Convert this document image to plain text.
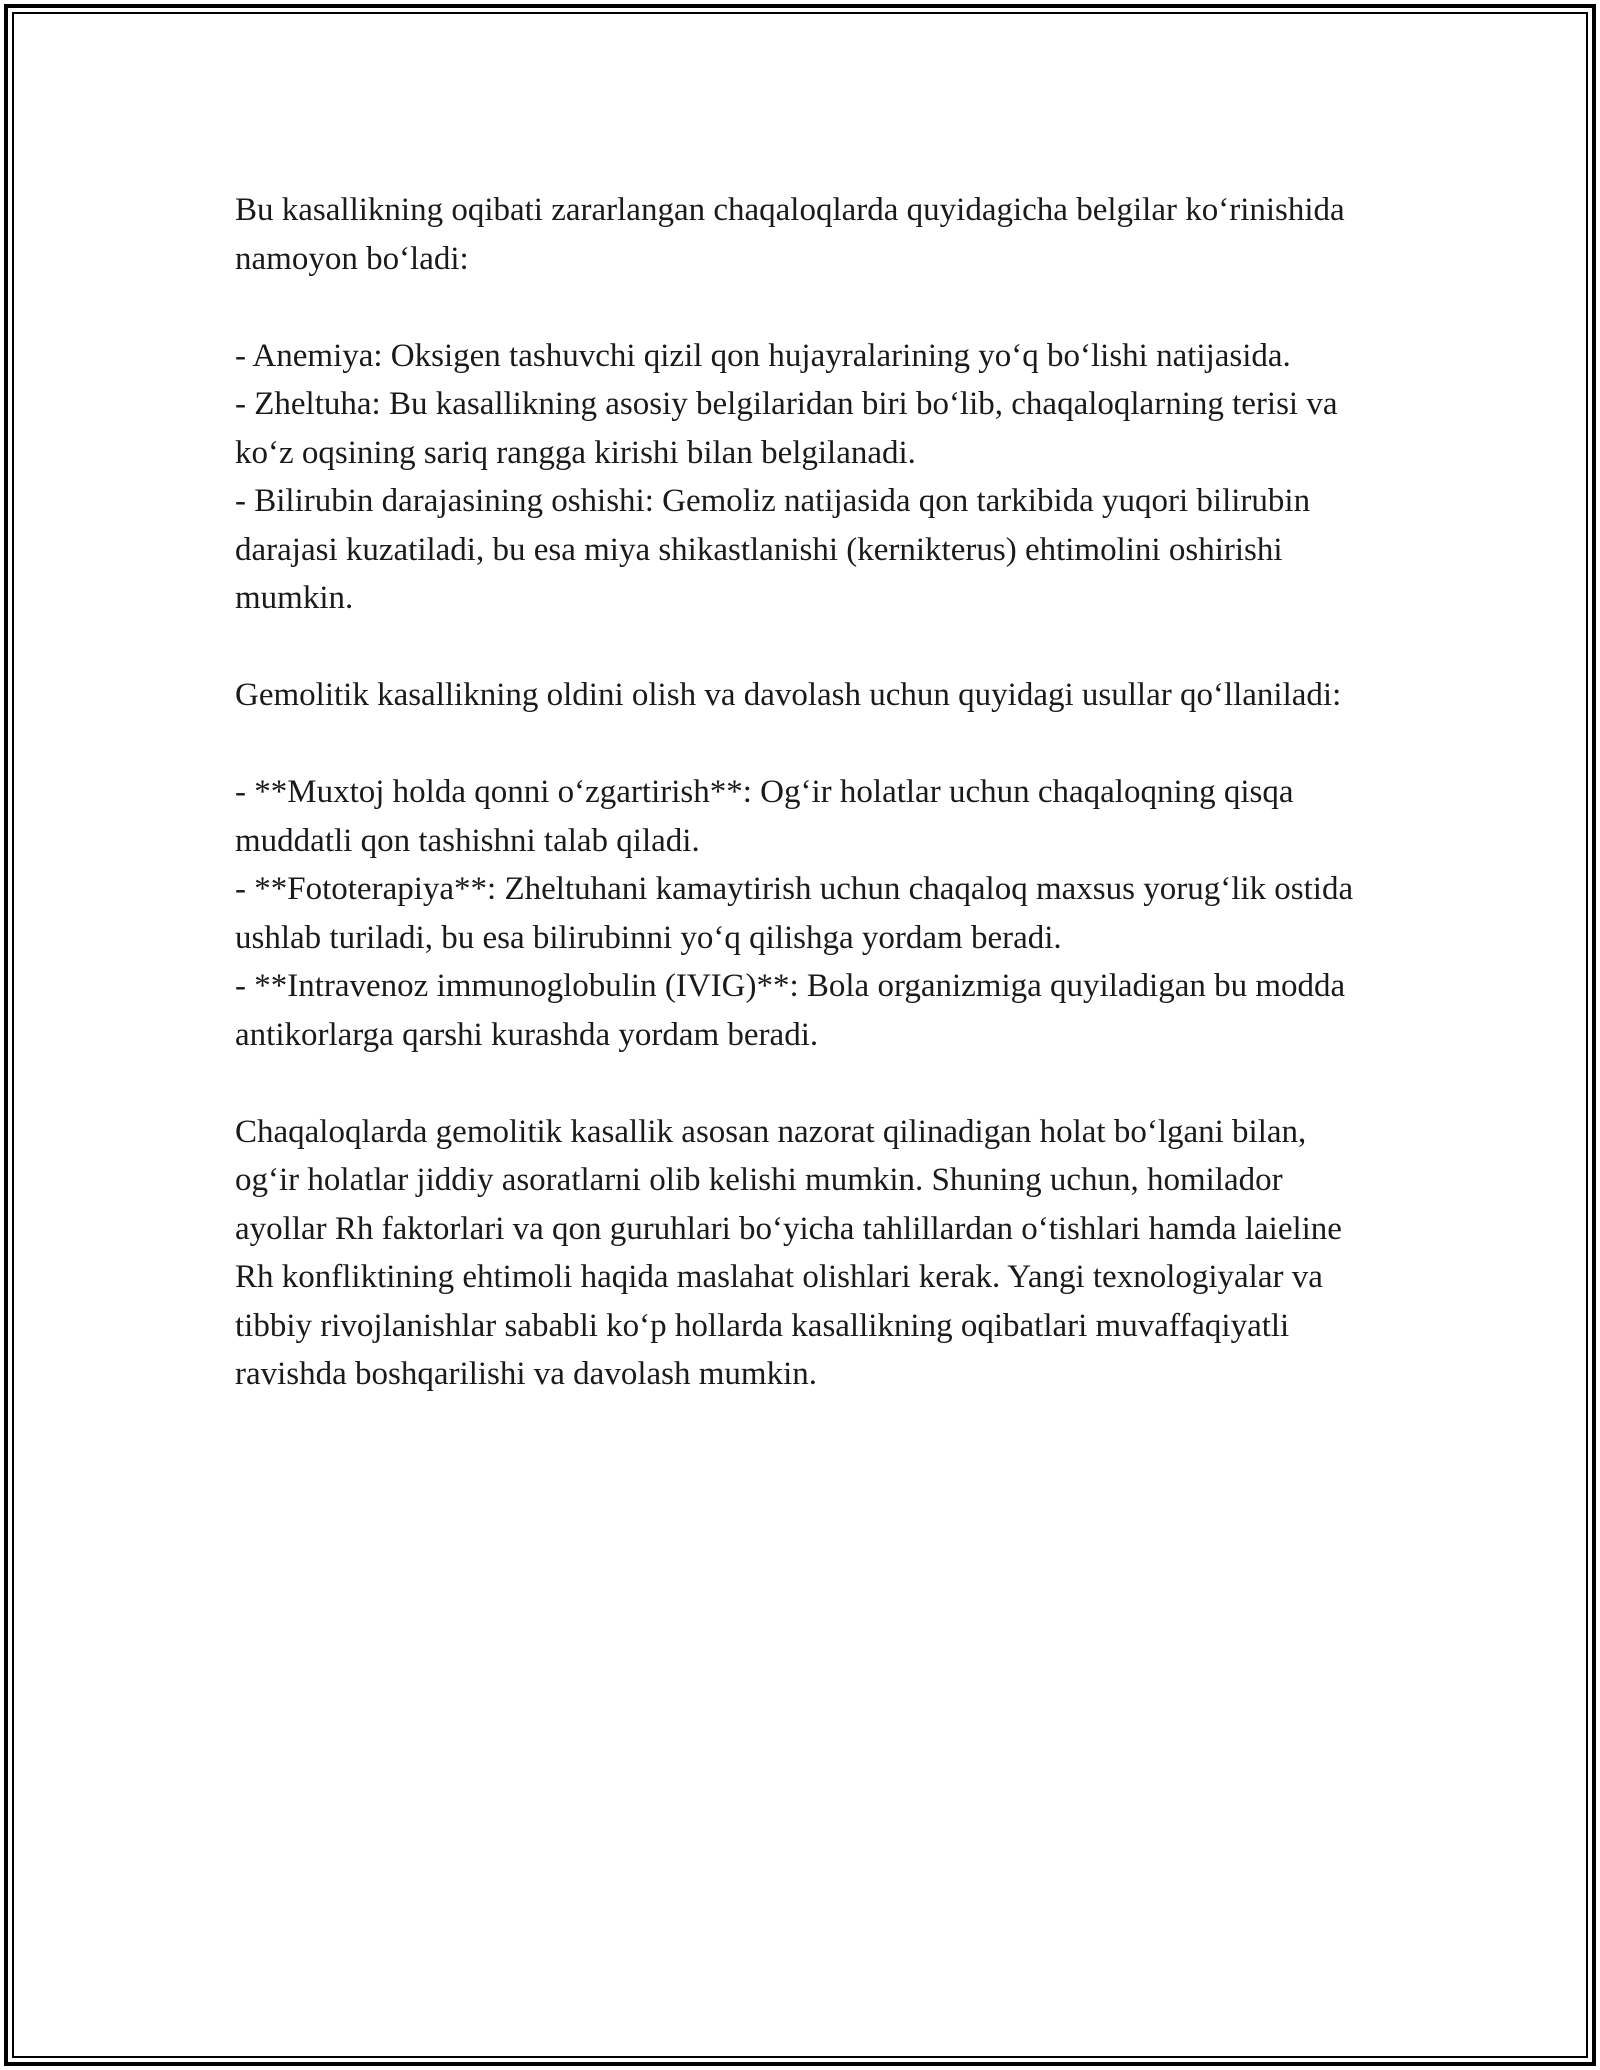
Bu kasallikning oqibati zararlangan chaqaloqlarda quyidagicha belgilar ko‘rinishida namoyon bo‘ladi:

- Anemiya: Oksigen tashuvchi qizil qon hujayralarining yo‘q bo‘lishi natijasida.

- Zheltuha: Bu kasallikning asosiy belgilaridan biri bo‘lib, chaqaloqlarning terisi va ko‘z oqsining sariq rangga kirishi bilan belgilanadi.

- Bilirubin darajasining oshishi: Gemoliz natijasida qon tarkibida yuqori bilirubin darajasi kuzatiladi, bu esa miya shikastlanishi (kernikterus) ehtimolini oshirishi mumkin.

Gemolitik kasallikning oldini olish va davolash uchun quyidagi usullar qo‘llaniladi:

- **Muxtoj holda qonni o‘zgartirish**: Og‘ir holatlar uchun chaqaloqning qisqa muddatli qon tashishni talab qiladi.

- **Fototerapiya**: Zheltuhani kamaytirish uchun chaqaloq maxsus yorug‘lik ostida ushlab turiladi, bu esa bilirubinni yo‘q qilishga yordam beradi.

- **Intravenoz immunoglobulin (IVIG)**: Bola organizmiga quyiladigan bu modda antikorlarga qarshi kurashda yordam beradi.

Chaqaloqlarda gemolitik kasallik asosan nazorat qilinadigan holat bo‘lgani bilan, og‘ir holatlar jiddiy asoratlarni olib kelishi mumkin. Shuning uchun, homilador ayollar Rh faktorlari va qon guruhlari bo‘yicha tahlillardan o‘tishlari hamda laieline Rh konfliktining ehtimoli haqida maslahat olishlari kerak. Yangi texnologiyalar va tibbiy rivojlanishlar sababli ko‘p hollarda kasallikning oqibatlari muvaffaqiyatli ravishda boshqarilishi va davolash mumkin.
